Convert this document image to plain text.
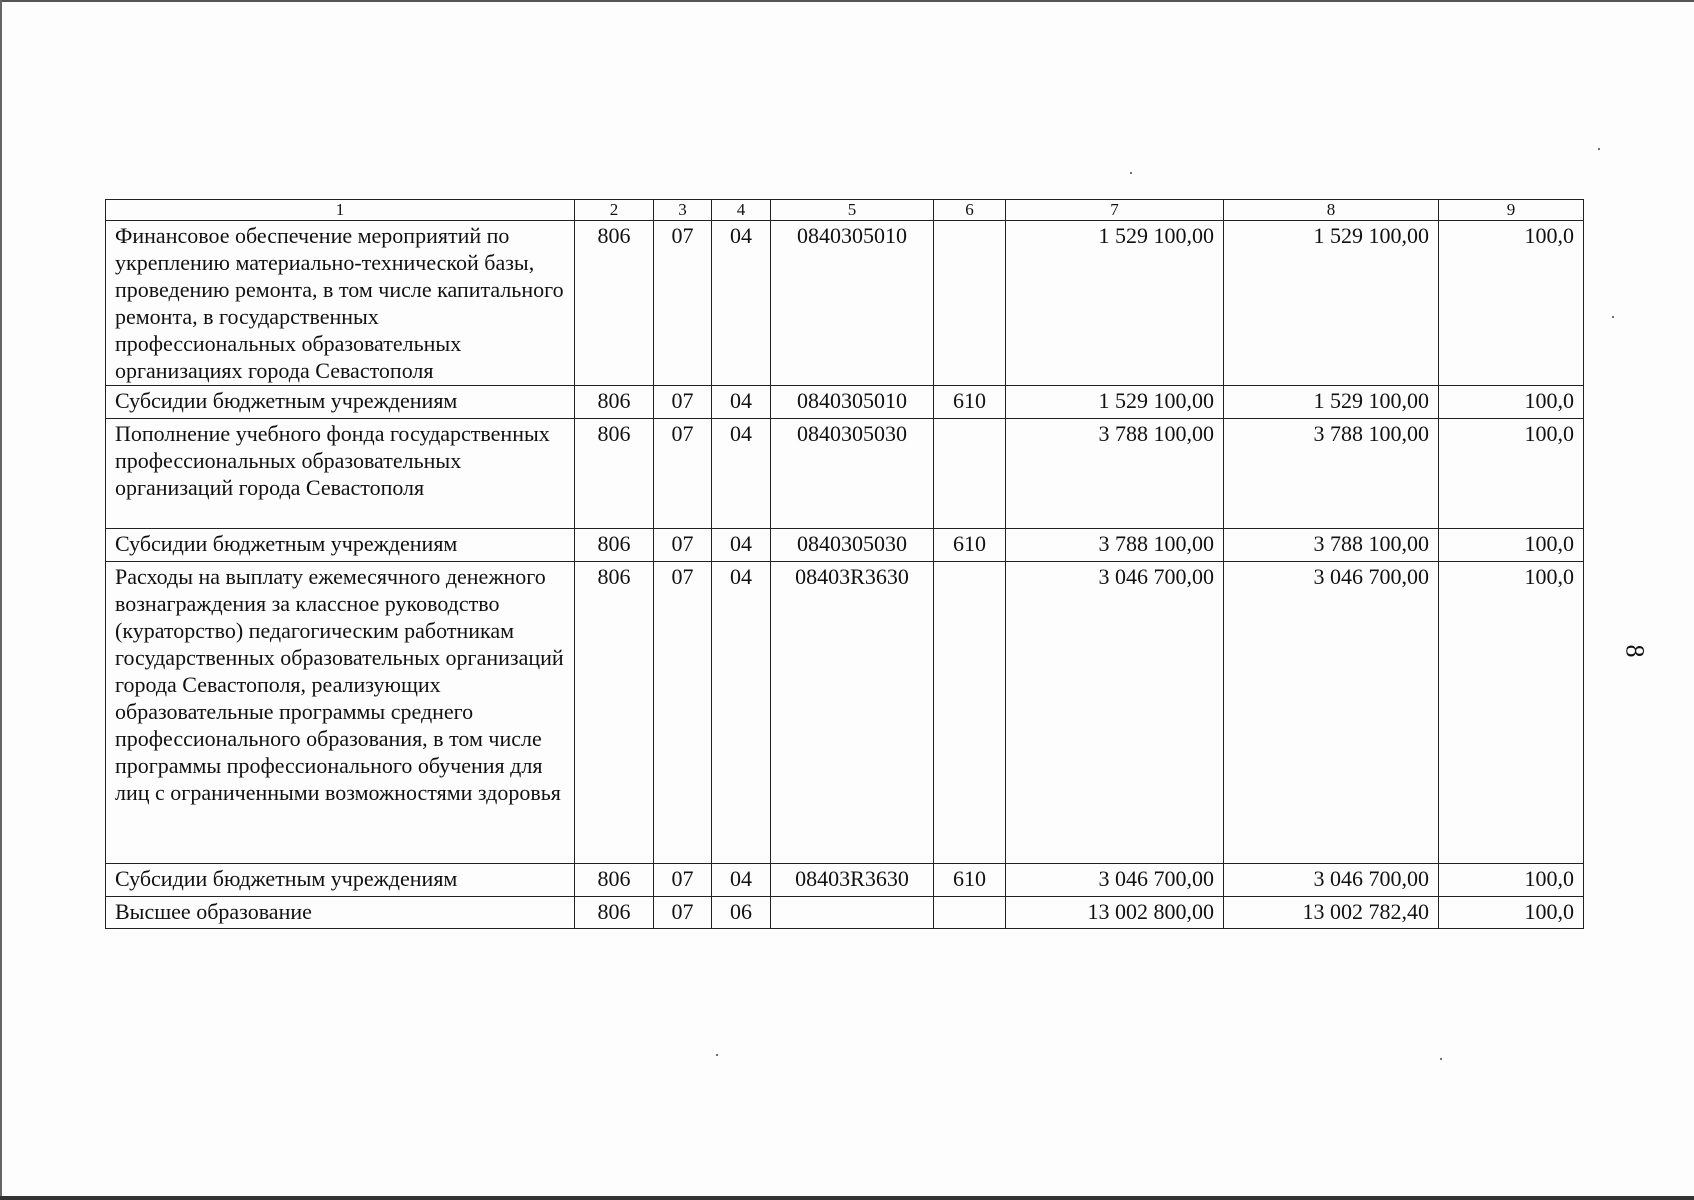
1	2	3	4	5	6	7	8	9
Финансовое обеспечение мероприятий по укреплению материально-технической базы, проведению ремонта, в том числе капитального ремонта, в государственных профессиональных образовательных организациях города Севастополя	806	07	04	0840305010		1 529 100,00	1 529 100,00	100,0
Субсидии бюджетным учреждениям	806	07	04	0840305010	610	1 529 100,00	1 529 100,00	100,0
Пополнение учебного фонда государственных профессиональных образовательных организаций города Севастополя	806	07	04	0840305030		3 788 100,00	3 788 100,00	100,0
Субсидии бюджетным учреждениям	806	07	04	0840305030	610	3 788 100,00	3 788 100,00	100,0
Расходы на выплату ежемесячного денежного вознаграждения за классное руководство (кураторство) педагогическим работникам государственных образовательных организаций города Севастополя, реализующих образовательные программы среднего профессионального образования, в том числе программы профессионального обучения для лиц с ограниченными возможностями здоровья	806	07	04	08403R3630		3 046 700,00	3 046 700,00	100,0
Субсидии бюджетным учреждениям	806	07	04	08403R3630	610	3 046 700,00	3 046 700,00	100,0
Высшее образование	806	07	06			13 002 800,00	13 002 782,40	100,0
8
